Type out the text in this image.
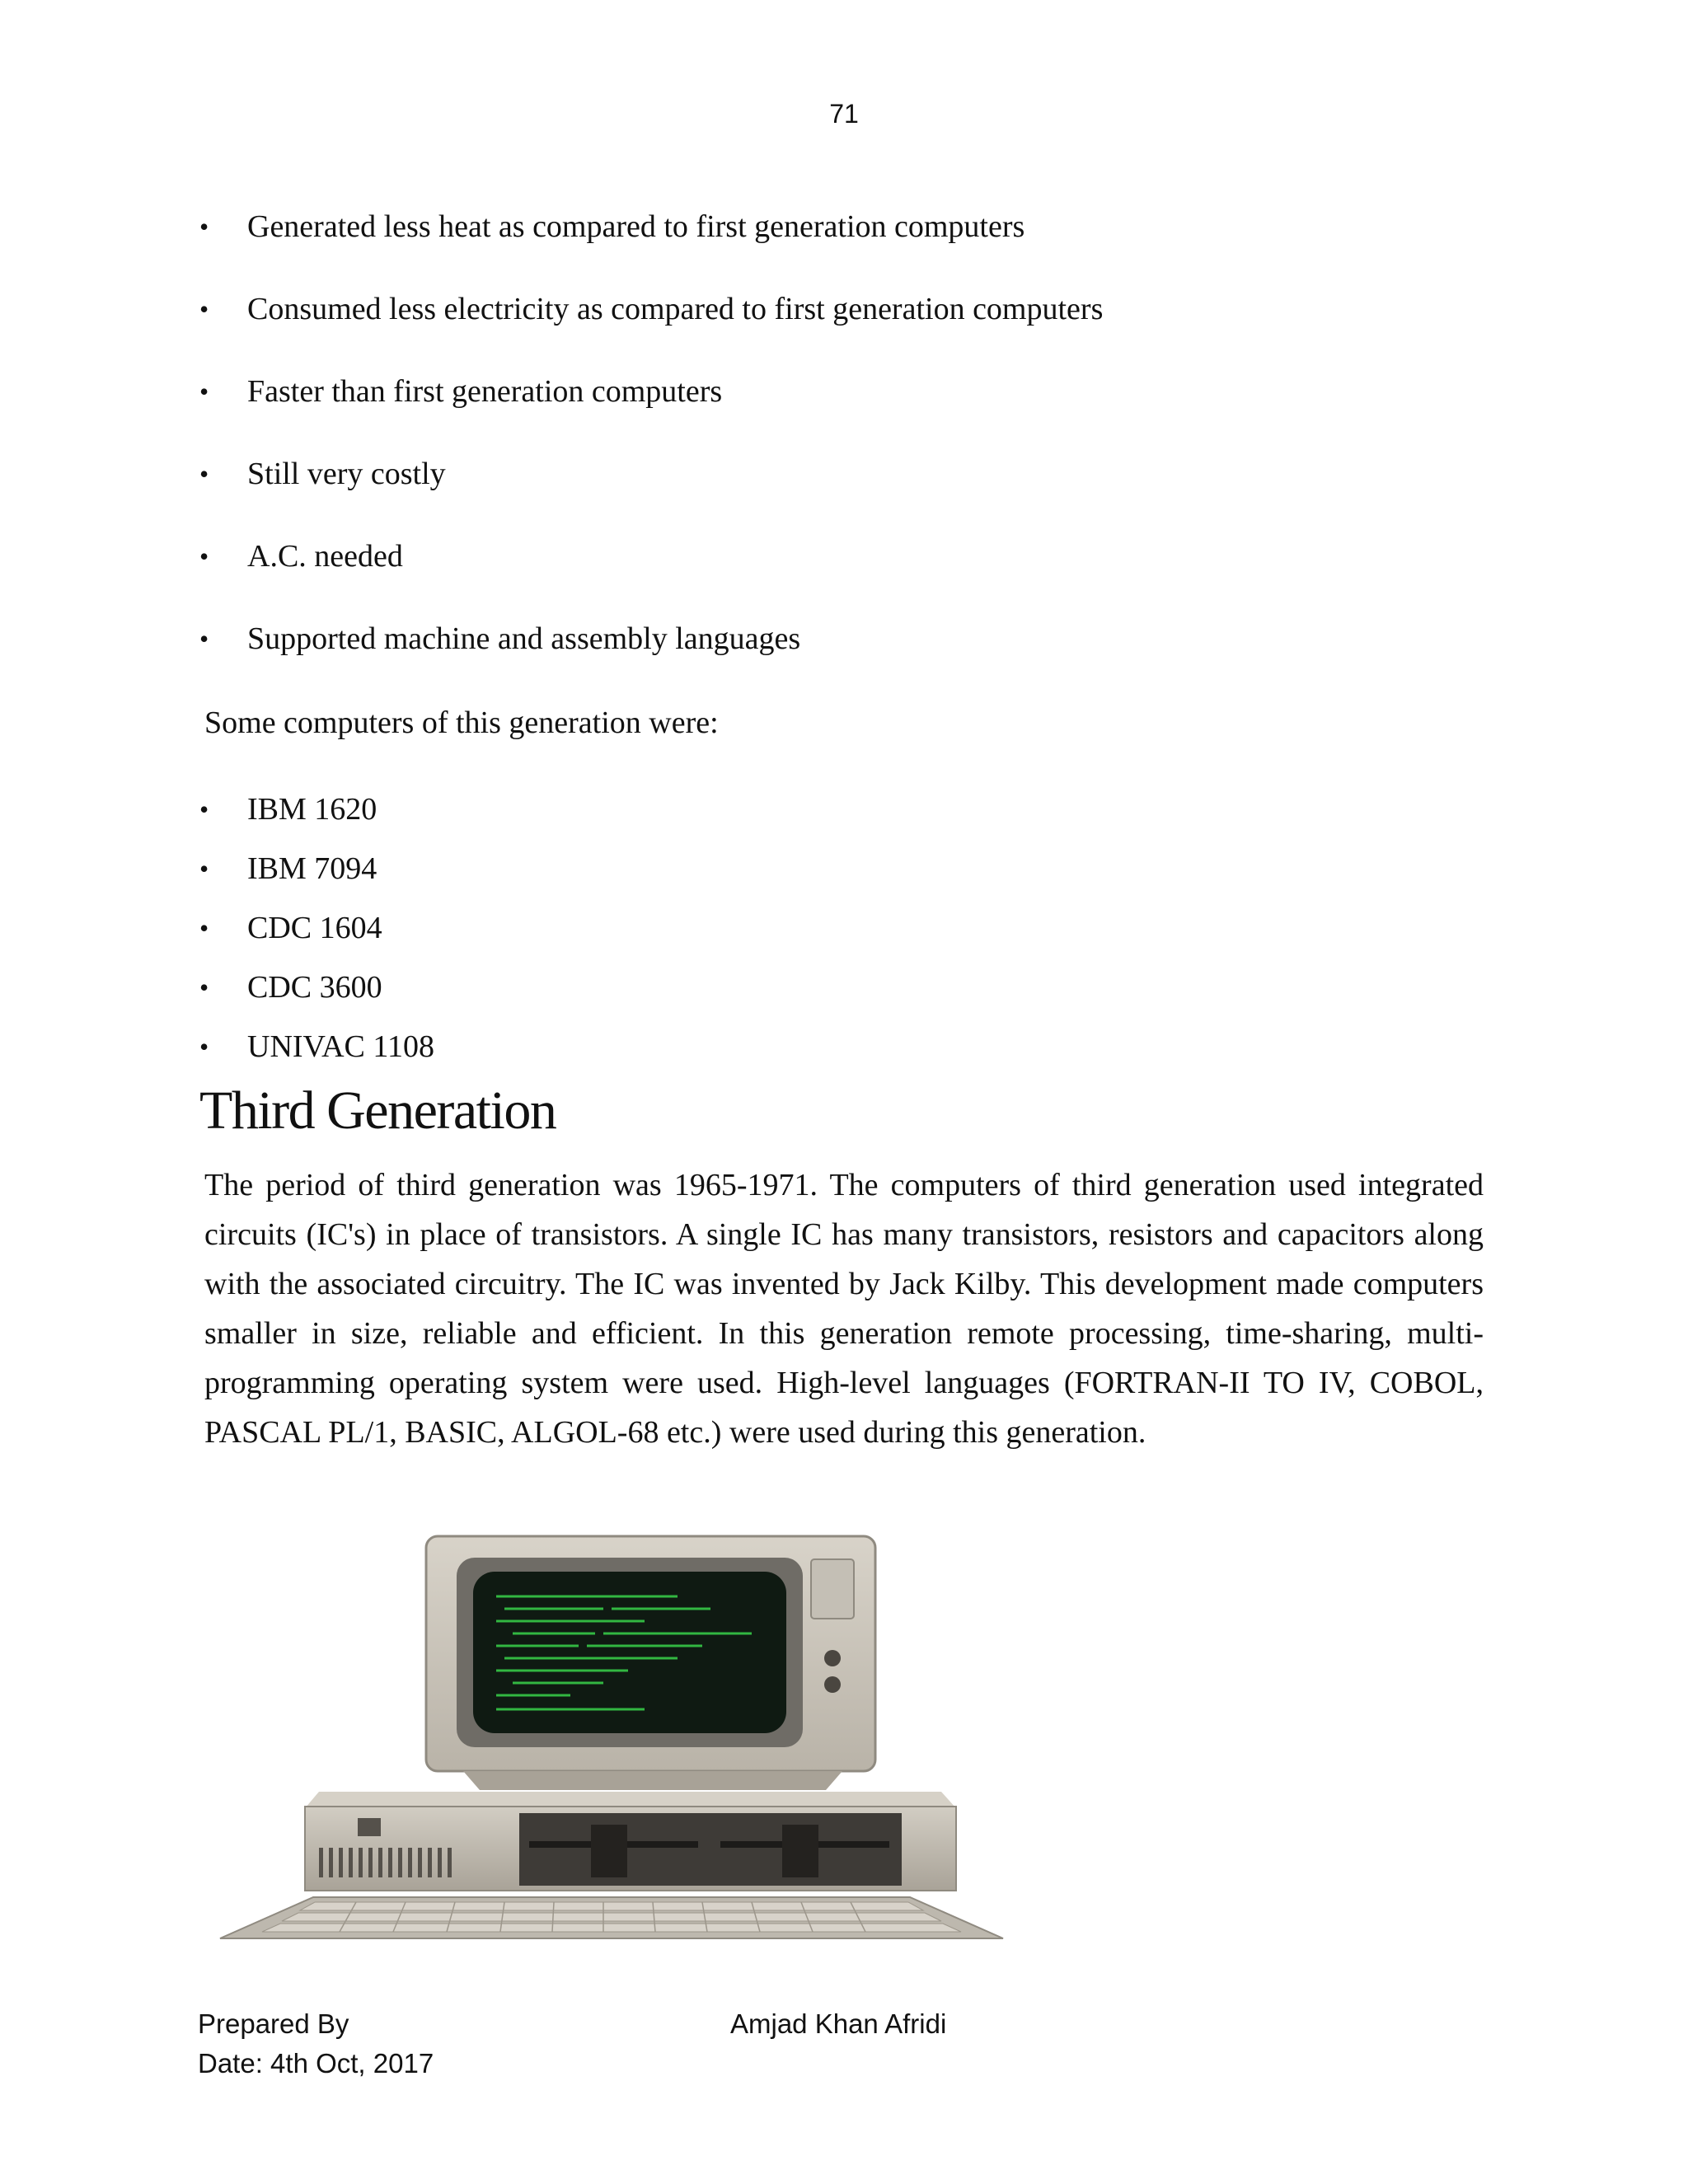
71
• Generated less heat as compared to first generation computers
• Consumed less electricity as compared to first generation computers
• Faster than first generation computers
• Still very costly
• A.C. needed
• Supported machine and assembly languages
Some computers of this generation were:
• IBM 1620
• IBM 7094
• CDC 1604
• CDC 3600
• UNIVAC 1108
Third Generation

The period of third generation was 1965-1971. The computers of third generation used integrated circuits (IC's) in place of transistors. A single IC has many transistors, resistors and capacitors along with the associated circuitry. The IC was invented by Jack Kilby. This development made computers smaller in size, reliable and efficient. In this generation remote processing, time-sharing, multi-programming operating system were used. High-level languages (FORTRAN-II TO IV, COBOL, PASCAL PL/1, BASIC, ALGOL-68 etc.) were used during this generation.

Prepared By
Date: 4th Oct, 2017
Amjad Khan Afridi
